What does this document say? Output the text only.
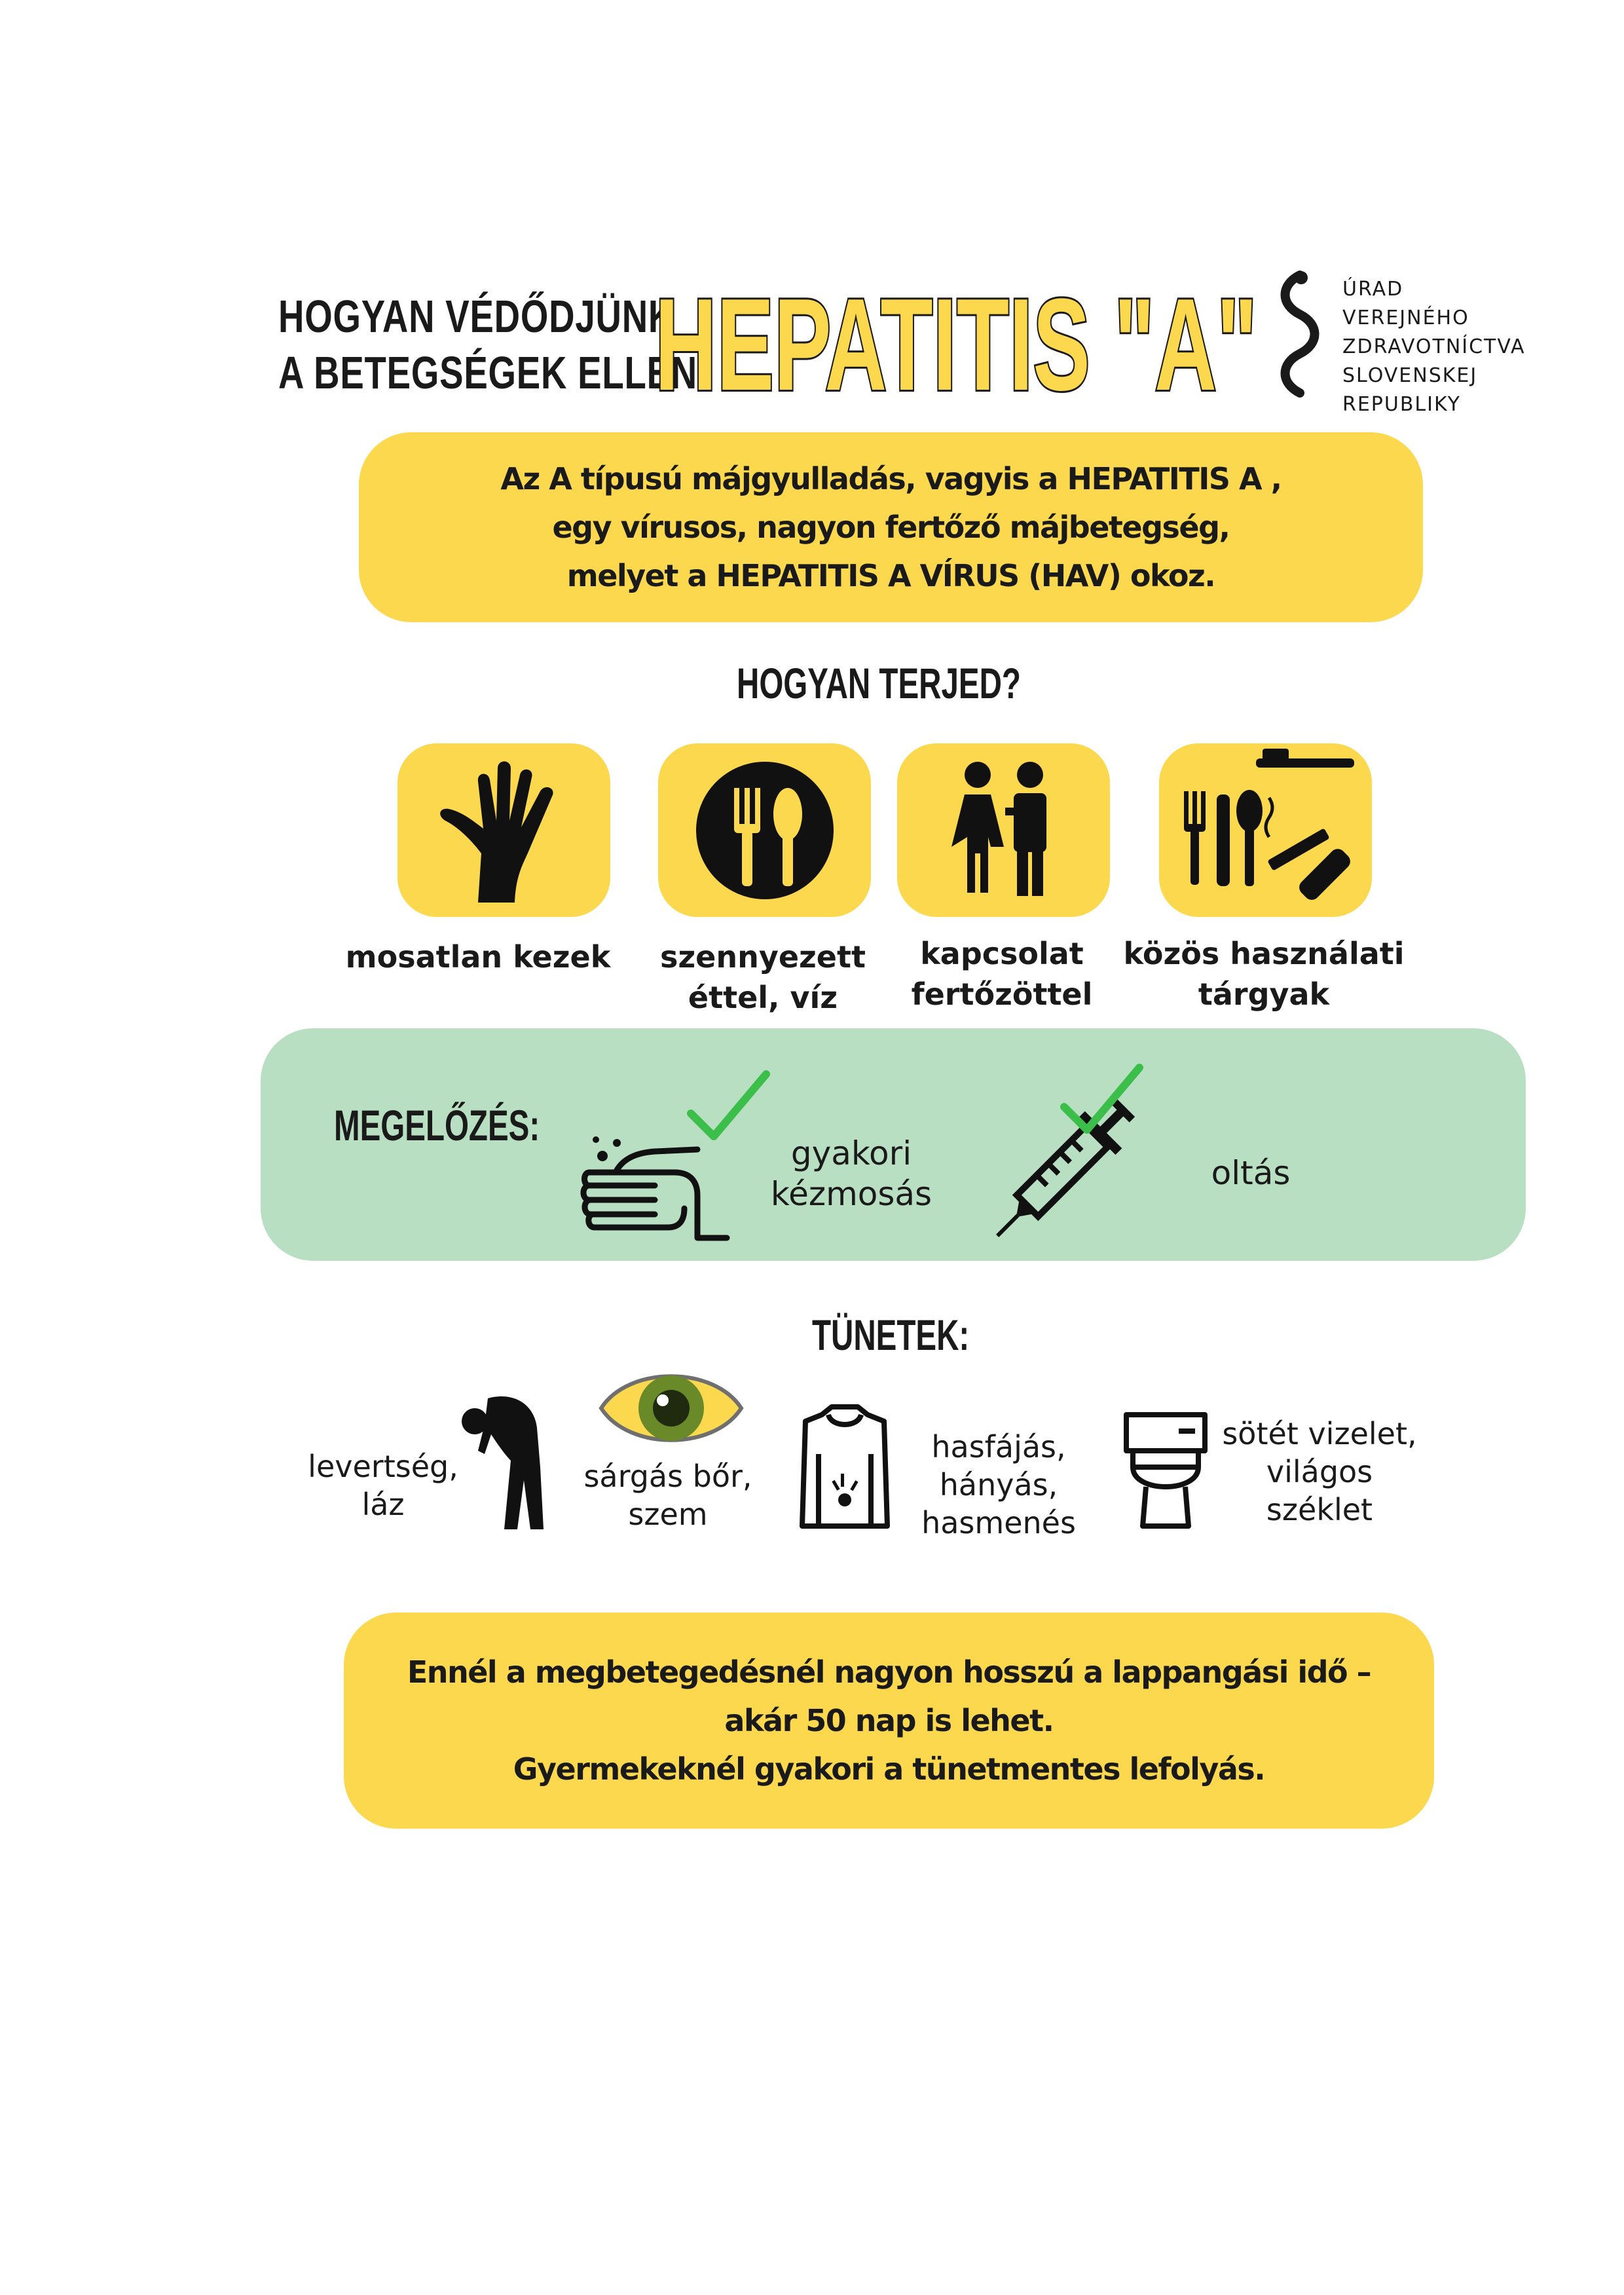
HOGYAN VÉDŐDJÜNK
A BETEGSÉGEK ELLEN
HEPATITIS "A"	ÚRAD
VEREJNÉHO
ZDRAVOTNÍCTVA
SLOVENSKEJ
REPUBLIKY
Az A típusú májgyulladás, vagyis a HEPATITIS A ,
egy vírusos, nagyon fertőző májbetegség,
melyet a HEPATITIS A VÍRUS (HAV) okoz.
HOGYAN TERJED?
mosatlan kezek	szennyezett
éttel, víz
kapcsolat
fertőzöttel
közös használati
tárgyak
MEGELŐZÉS:
gyakori
kézmosás
oltás
TÜNETEK:
levertség,
láz
sárgás bőr,
szem
hasfájás,
hányás,
hasmenés
sötét vizelet,
világos
széklet
Ennél a megbetegedésnél nagyon hosszú a lappangási idő –
akár 50 nap is lehet.
Gyermekeknél gyakori a tünetmentes lefolyás.
